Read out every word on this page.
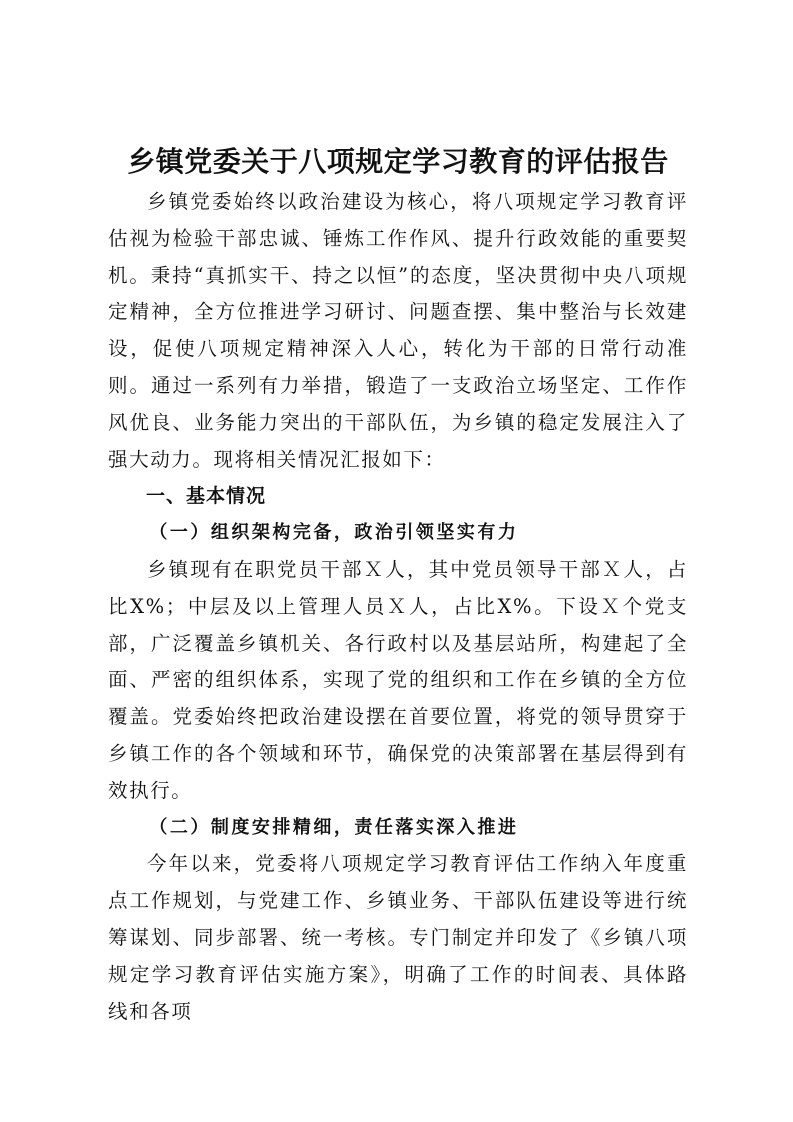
乡镇党委关于八项规定学习教育的评估报告

乡镇党委始终以政治建设为核心，将八项规定学习教育评估视为检验干部忠诚、锤炼工作作风、提升行政效能的重要契机。秉持“真抓实干、持之以恒”的态度，坚决贯彻中央八项规定精神，全方位推进学习研讨、问题查摆、集中整治与长效建设，促使八项规定精神深入人心，转化为干部的日常行动准则。通过一系列有力举措，锻造了一支政治立场坚定、工作作风优良、业务能力突出的干部队伍，为乡镇的稳定发展注入了强大动力。现将相关情况汇报如下：

一、基本情况

（一）组织架构完备，政治引领坚实有力

乡镇现有在职党员干部Ｘ人，其中党员领导干部Ｘ人，占比X%；中层及以上管理人员Ｘ人，占比X%。下设Ｘ个党支部，广泛覆盖乡镇机关、各行政村以及基层站所，构建起了全面、严密的组织体系，实现了党的组织和工作在乡镇的全方位覆盖。党委始终把政治建设摆在首要位置，将党的领导贯穿于乡镇工作的各个领域和环节，确保党的决策部署在基层得到有效执行。

（二）制度安排精细，责任落实深入推进

今年以来，党委将八项规定学习教育评估工作纳入年度重点工作规划，与党建工作、乡镇业务、干部队伍建设等进行统筹谋划、同步部署、统一考核。专门制定并印发了《乡镇八项规定学习教育评估实施方案》，明确了工作的时间表、具体路线和各项
